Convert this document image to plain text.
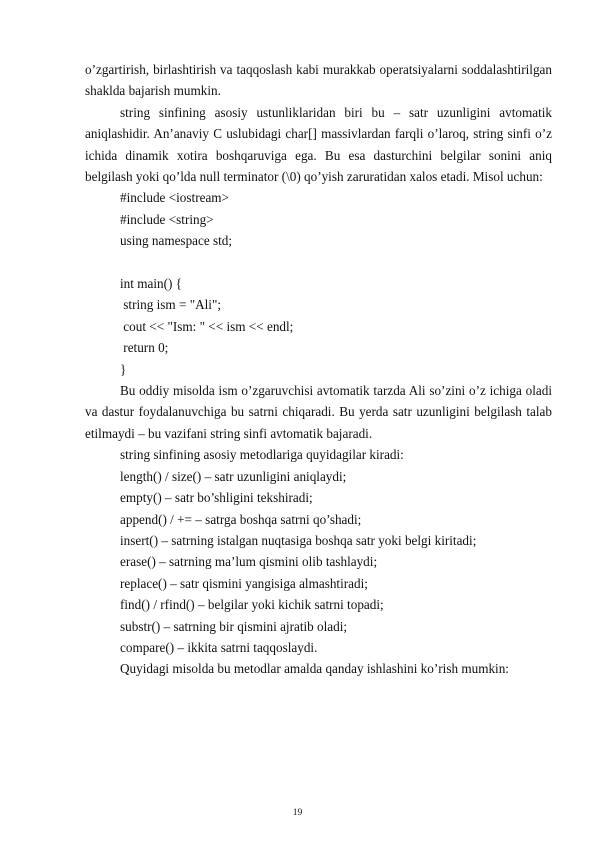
o’zgartirish, birlashtirish va taqqoslash kabi murakkab operatsiyalarni soddalashtirilgan shaklda bajarish mumkin.

string sinfining asosiy ustunliklaridan biri bu – satr uzunligini avtomatik aniqlashidir. An’anaviy C uslubidagi char[] massivlardan farqli o’laroq, string sinfi o’z ichida dinamik xotira boshqaruviga ega. Bu esa dasturchini belgilar sonini aniq belgilash yoki qo’lda null terminator (\0) qo’yish zaruratidan xalos etadi. Misol uchun:

#include <iostream>
#include <string>
using namespace std;
int main() {
string ism = "Ali";
cout << "Ism: " << ism << endl;
return 0;
}

Bu oddiy misolda ism o’zgaruvchisi avtomatik tarzda Ali so’zini o’z ichiga oladi va dastur foydalanuvchiga bu satrni chiqaradi. Bu yerda satr uzunligini belgilash talab etilmaydi – bu vazifani string sinfi avtomatik bajaradi.

string sinfining asosiy metodlariga quyidagilar kiradi:
length() / size() – satr uzunligini aniqlaydi;
empty() – satr bo’shligini tekshiradi;
append() / += – satrga boshqa satrni qo’shadi;
insert() – satrning istalgan nuqtasiga boshqa satr yoki belgi kiritadi;
erase() – satrning ma’lum qismini olib tashlaydi;
replace() – satr qismini yangisiga almashtiradi;
find() / rfind() – belgilar yoki kichik satrni topadi;
substr() – satrning bir qismini ajratib oladi;
compare() – ikkita satrni taqqoslaydi.
Quyidagi misolda bu metodlar amalda qanday ishlashini ko’rish mumkin:
19
